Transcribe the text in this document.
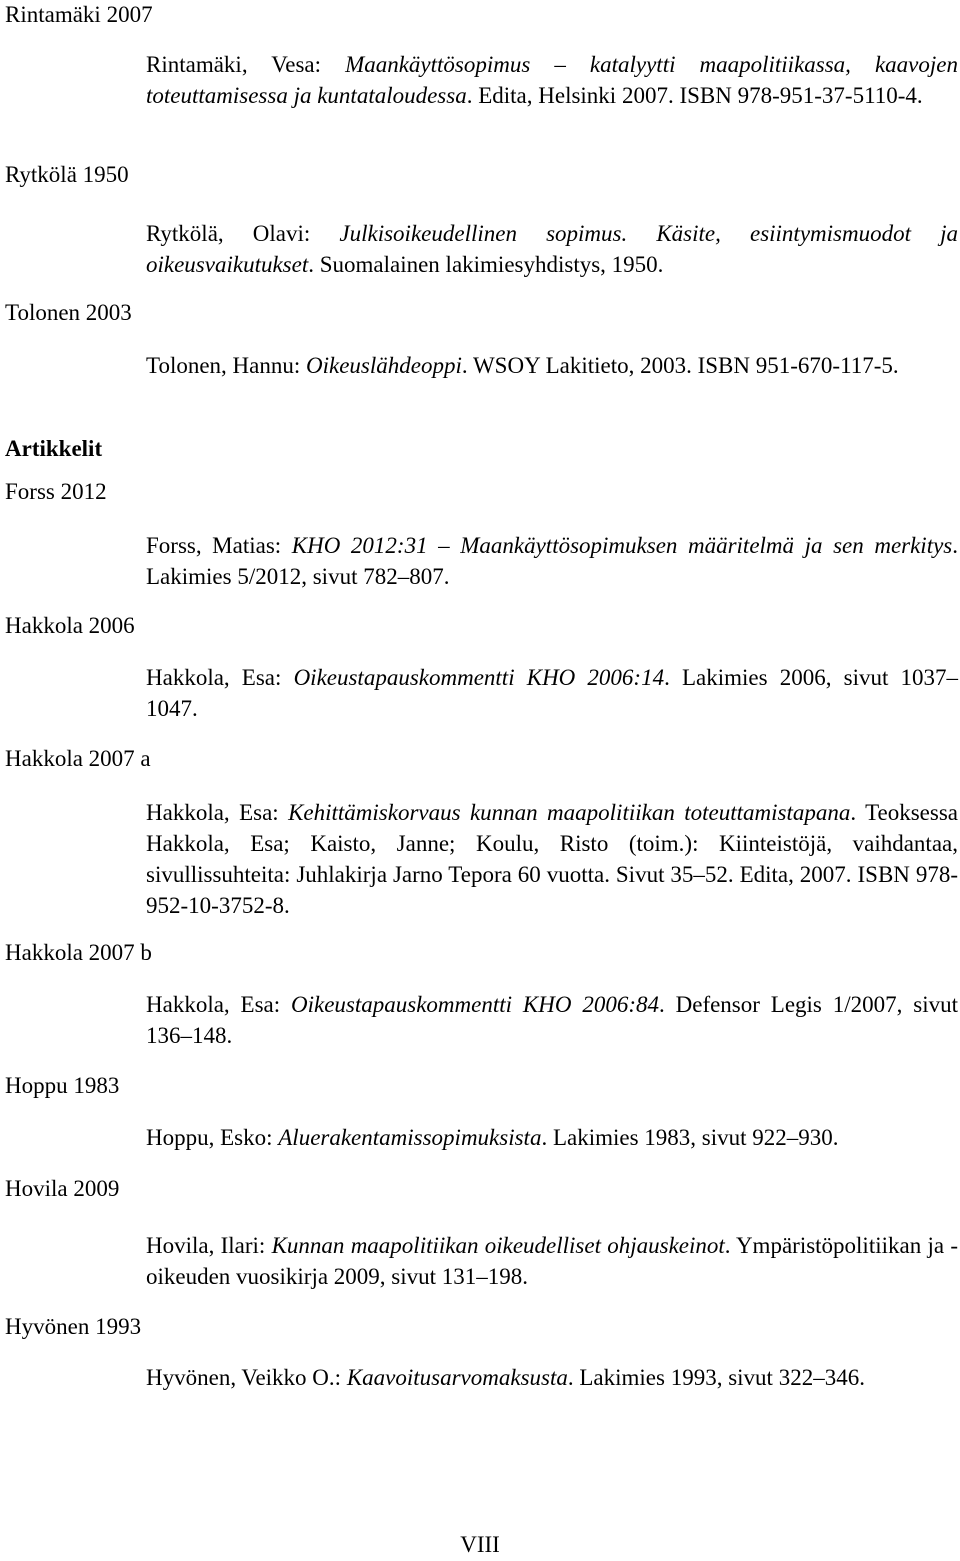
Rintamäki 2007
Rintamäki, Vesa: Maankäyttösopimus – katalyytti maapolitiikassa, kaavojen toteuttamisessa ja kuntataloudessa. Edita, Helsinki 2007. ISBN 978-951-37-5110-4.
Rytkölä 1950
Rytkölä, Olavi: Julkisoikeudellinen sopimus. Käsite, esiintymismuodot ja oikeusvaikutukset. Suomalainen lakimiesyhdistys, 1950.
Tolonen 2003
Tolonen, Hannu: Oikeuslähdeoppi. WSOY Lakitieto, 2003. ISBN 951-670-117-5.
Artikkelit
Forss 2012
Forss, Matias: KHO 2012:31 – Maankäyttösopimuksen määritelmä ja sen merkitys. Lakimies 5/2012, sivut 782–807.
Hakkola 2006
Hakkola, Esa: Oikeustapauskommentti KHO 2006:14. Lakimies 2006, sivut 1037–1047.
Hakkola 2007 a
Hakkola, Esa: Kehittämiskorvaus kunnan maapolitiikan toteuttamistapana. Teoksessa Hakkola, Esa; Kaisto, Janne; Koulu, Risto (toim.): Kiinteistöjä, vaihdantaa, sivullissuhteita: Juhlakirja Jarno Tepora 60 vuotta. Sivut 35–52. Edita, 2007. ISBN 978-952-10-3752-8.
Hakkola 2007 b
Hakkola, Esa: Oikeustapauskommentti KHO 2006:84. Defensor Legis 1/2007, sivut 136–148.
Hoppu 1983
Hoppu, Esko: Aluerakentamissopimuksista. Lakimies 1983, sivut 922–930.
Hovila 2009
Hovila, Ilari: Kunnan maapolitiikan oikeudelliset ohjauskeinot. Ympäristöpolitiikan ja -oikeuden vuosikirja 2009, sivut 131–198.
Hyvönen 1993
Hyvönen, Veikko O.: Kaavoitusarvomaksusta. Lakimies 1993, sivut 322–346.
VIII
